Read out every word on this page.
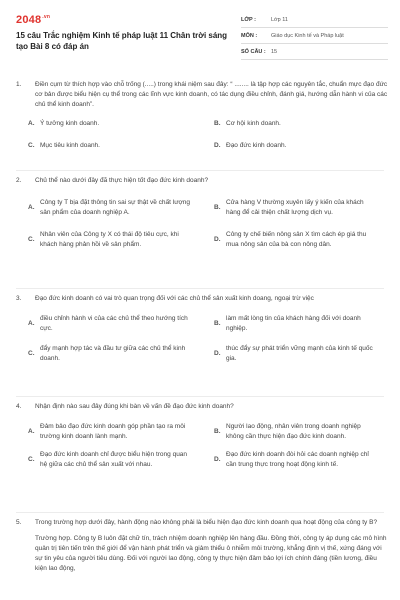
$2048^{.vn}$
15 câu Trắc nghiệm Kinh tế pháp luật 11 Chân trời sáng tạo Bài 8 có đáp án
LỚP :	Lớp 11
MÔN :	Giáo dục Kinh tế và Pháp luật
SỐ CÂU : 15
1.	Điền cụm từ thích hợp vào chỗ trống (.....) trong khái niệm sau đây: “ ........ là tập hợp các nguyên tắc, chuẩn mực đạo đức cơ bản được biểu hiện cụ thể trong các lĩnh vực kinh doanh, có tác dụng điều chỉnh, đánh giá, hướng dẫn hành vi của các chủ thể kinh doanh”.
A. Ý tưởng kinh doanh.	B. Cơ hội kinh doanh.
C. Mục tiêu kinh doanh.	D. Đạo đức kinh doanh.
2.	Chủ thể nào dưới đây đã thực hiện tốt đạo đức kinh doanh?
A.
Công ty T bịa đặt thông tin sai sự thật về chất lượng sản phẩm của doanh nghiệp A.
B.
Cửa hàng V thường xuyên lấy ý kiến của khách hàng để cải thiện chất lượng dịch vụ.
C.
Nhân viên của Công ty X có thái độ tiêu cực, khi khách hàng phản hồi về sản phẩm.
D.
Công ty chế biến nông sản X tìm cách ép giá thu mua nông sản của bà con nông dân.
3.	Đạo đức kinh doanh có vai trò quan trọng đối với các chủ thể sản xuất kinh doang, ngoại trừ việc
A.
điều chỉnh hành vi của các chủ thể theo hướng tích cực.
B.
làm mất lòng tin của khách hàng đối với doanh nghiệp.
C.
đẩy mạnh hợp tác và đầu tư giữa các chủ thể kinh doanh.
D.
thúc đẩy sự phát triển vững mạnh của kinh tế quốc gia.
4.	Nhận định nào sau đây đúng khi bàn về vấn đề đạo đức kinh doanh?
A.
Đảm bảo đạo đức kinh doanh góp phần tạo ra môi trường kinh doanh lành mạnh.
B.
Người lao động, nhân viên trong doanh nghiệp không cần thực hiện đạo đức kinh doanh.
C.
Đạo đức kinh doanh chỉ được biểu hiện trong quan hệ giữa các chủ thể sản xuất với nhau.
D.
Đạo đức kinh doanh đòi hỏi các doanh nghiệp chỉ cần trung thực trong hoạt động kinh tế.
5.	Trong trường hợp dưới đây, hành động nào không phải là biểu hiện đạo đức kinh doanh qua hoạt động của công ty B?
Trường hợp. Công ty B luôn đặt chữ tín, trách nhiệm doanh nghiệp lên hàng đầu. Đồng thời, công ty áp dụng các mô hình quản trị tiên tiến trên thế giới để vận hành phát triển và giảm thiểu ô nhiễm môi trường, khẳng định vị thế, xứng đáng với sự tin yêu của người tiêu dùng. Đối với người lao động, công ty thực hiện đảm bảo lợi ích chính đáng (tiền lương, điều kiện lao động,
